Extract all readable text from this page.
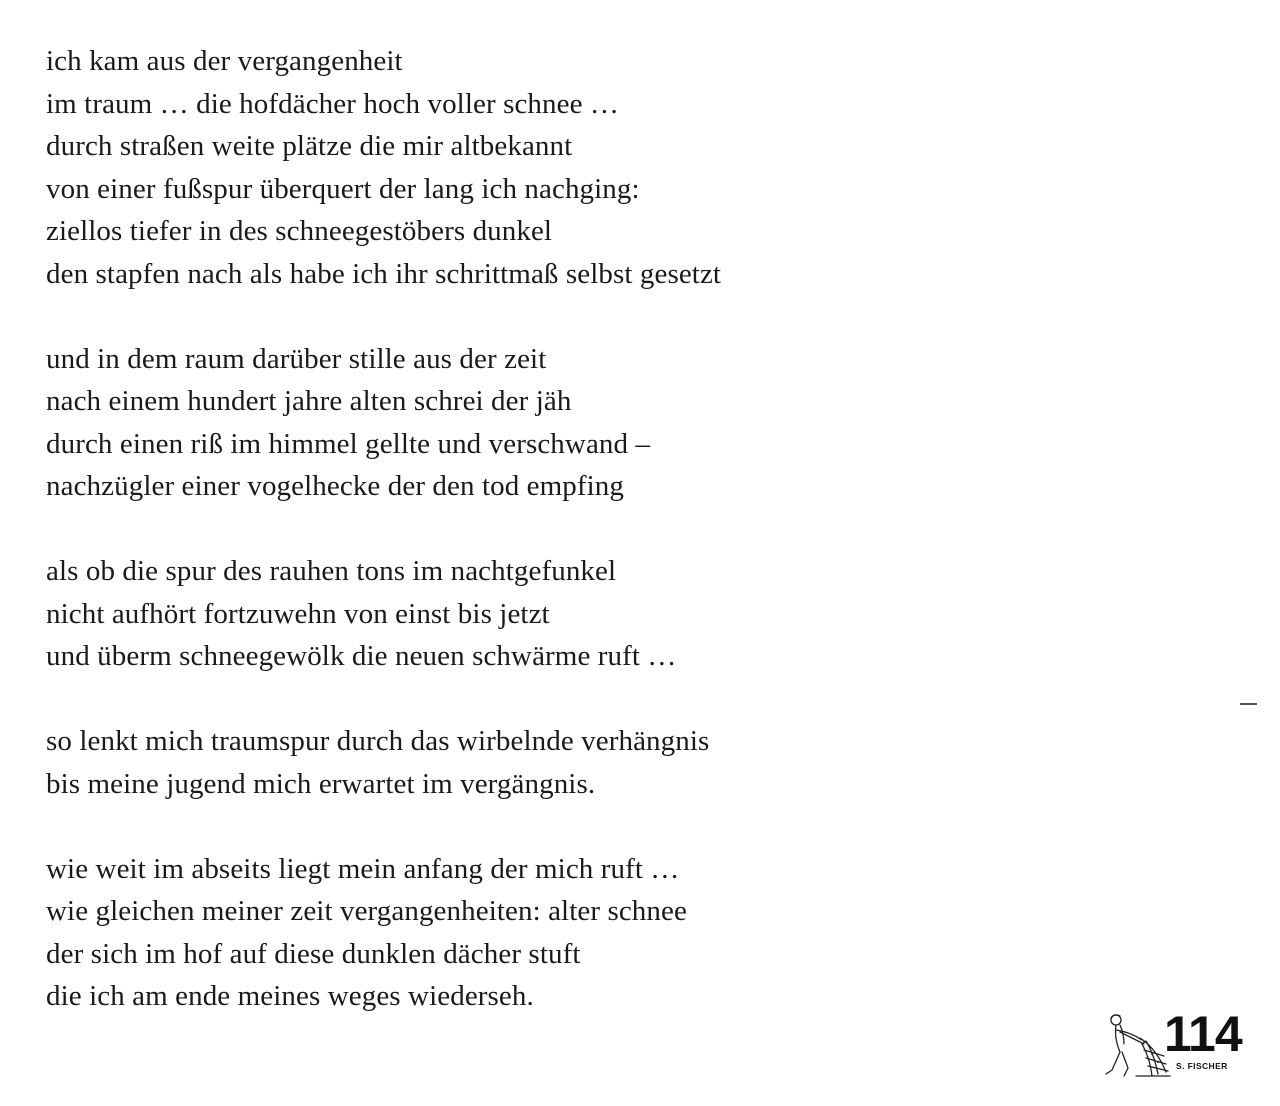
ich kam aus der vergangenheit
im traum … die hofdächer hoch voller schnee …
durch straßen weite plätze die mir altbekannt
von einer fußspur überquert der lang ich nachging:
ziellos tiefer in des schneegestöbers dunkel
den stapfen nach als habe ich ihr schrittmaß selbst gesetzt
und in dem raum darüber stille aus der zeit
nach einem hundert jahre alten schrei der jäh
durch einen riß im himmel gellte und verschwand –
nachzügler einer vogelhecke der den tod empfing
als ob die spur des rauhen tons im nachtgefunkel
nicht aufhört fortzuwehn von einst bis jetzt
und überm schneegewölk die neuen schwärme ruft …
so lenkt mich traumspur durch das wirbelnde verhängnis
bis meine jugend mich erwartet im vergängnis.
wie weit im abseits liegt mein anfang der mich ruft …
wie gleichen meiner zeit vergangenheiten: alter schnee
der sich im hof auf diese dunklen dächer stuft
die ich am ende meines weges wiederseh.
114
S. FISCHER
